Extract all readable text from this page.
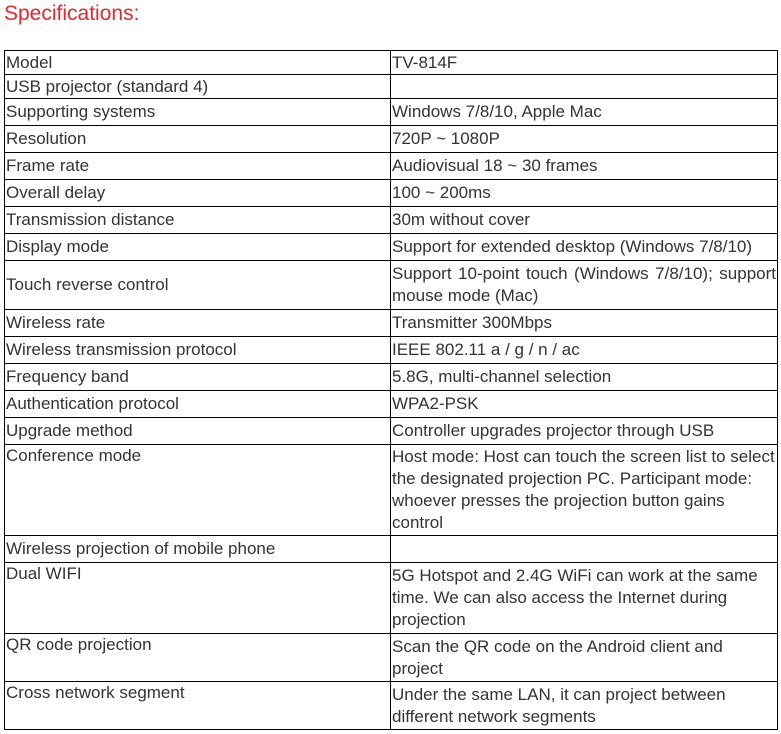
Specifications:
Model	TV-814F
USB projector (standard 4)	
Supporting systems	Windows 7/8/10, Apple Mac
Resolution	720P ~ 1080P
Frame rate	Audiovisual 18 ~ 30 frames
Overall delay	100 ~ 200ms
Transmission distance	30m without cover
Display mode	Support for extended desktop (Windows 7/8/10)
Touch reverse control	Support 10-point touch (Windows 7/8/10); support mouse mode (Mac)
Wireless rate	Transmitter 300Mbps
Wireless transmission protocol	IEEE 802.11 a / g / n / ac
Frequency band	5.8G, multi-channel selection
Authentication protocol	WPA2-PSK
Upgrade method	Controller upgrades projector through USB
Conference mode	Host mode: Host can touch the screen list to select the designated projection PC. Participant mode: whoever presses the projection button gains control
Wireless projection of mobile phone	
Dual WIFI	5G Hotspot and 2.4G WiFi can work at the same time. We can also access the Internet during projection
QR code projection	Scan the QR code on the Android client and project
Cross network segment	Under the same LAN, it can project between different network segments
